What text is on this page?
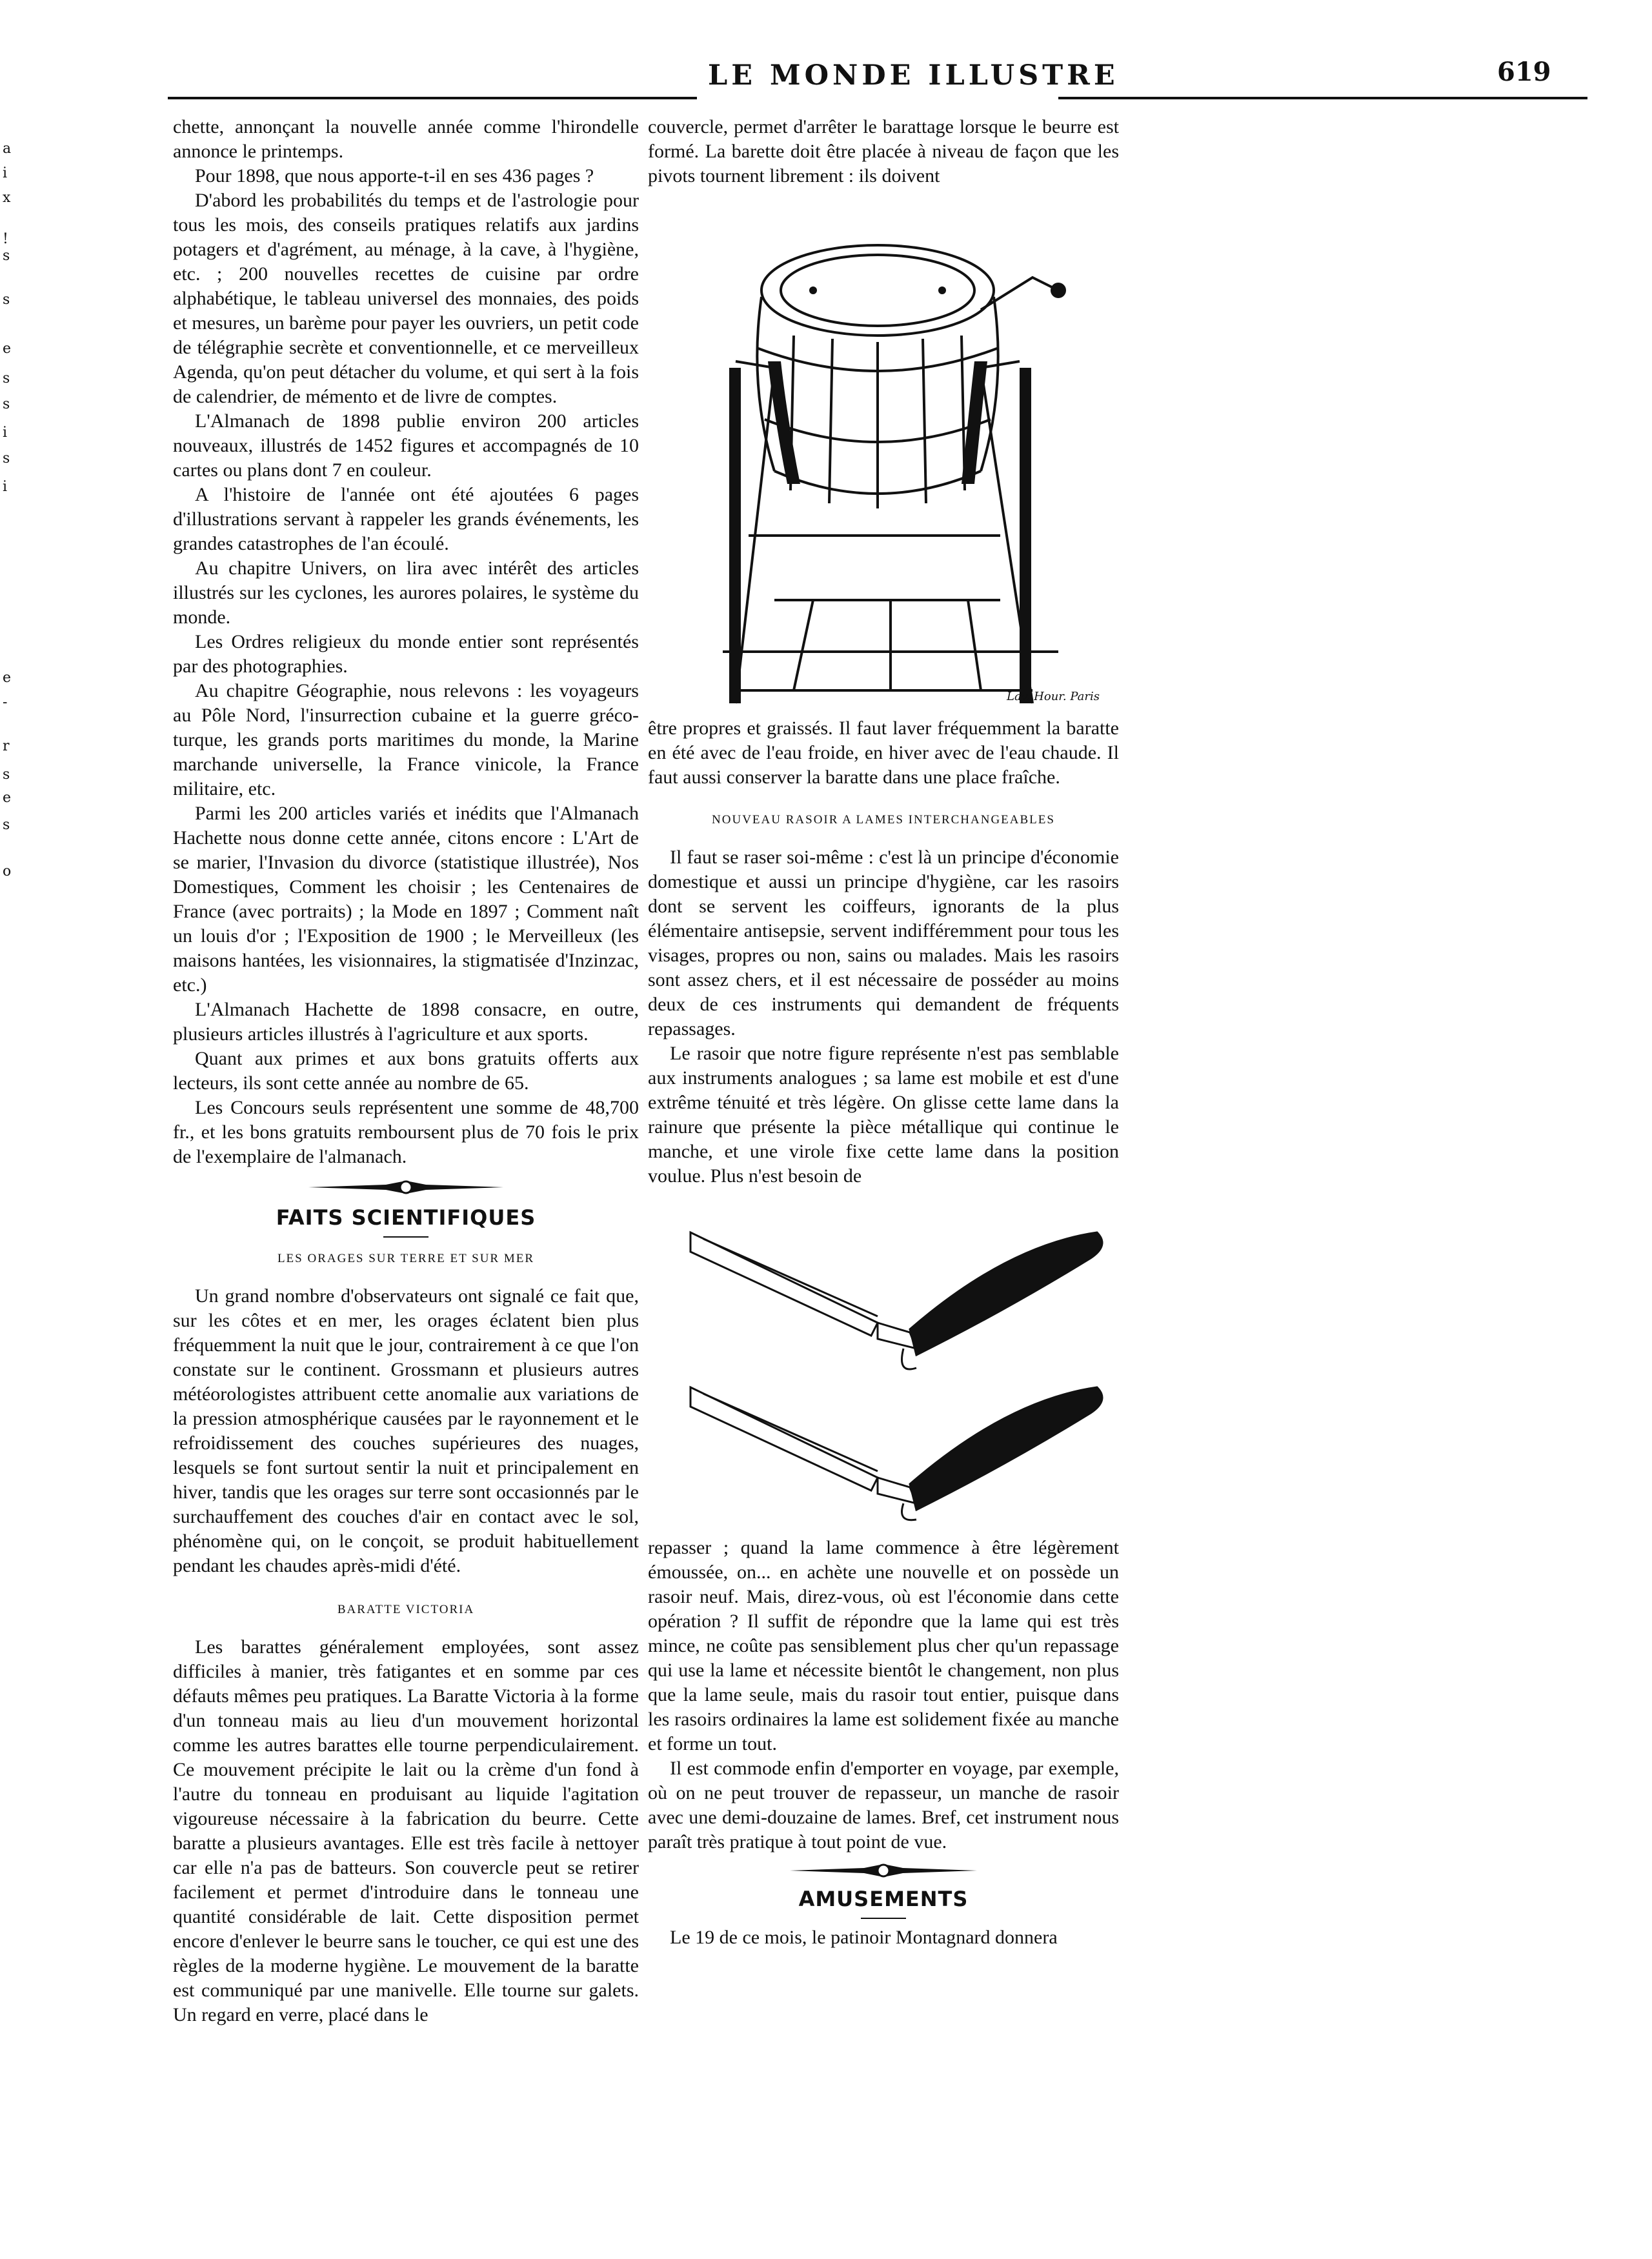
LE MONDE ILLUSTRE	619
a
i
x
!
s
s
e
s
s
i
s
i
e
-
r
s
e
s
o

chette, annonçant la nouvelle année comme l'hirondelle annonce le printemps.

Pour 1898, que nous apporte-t-il en ses 436 pages ?

D'abord les probabilités du temps et de l'astrologie pour tous les mois, des conseils pratiques relatifs aux jardins potagers et d'agrément, au ménage, à la cave, à l'hygiène, etc. ; 200 nouvelles recettes de cuisine par ordre alphabétique, le tableau universel des monnaies, des poids et mesures, un barème pour payer les ouvriers, un petit code de télégraphie secrète et conventionnelle, et ce merveilleux Agenda, qu'on peut détacher du volume, et qui sert à la fois de calendrier, de mémento et de livre de comptes.

L'Almanach de 1898 publie environ 200 articles nouveaux, illustrés de 1452 figures et accompagnés de 10 cartes ou plans dont 7 en couleur.

A l'histoire de l'année ont été ajoutées 6 pages d'illustrations servant à rappeler les grands événements, les grandes catastrophes de l'an écoulé.

Au chapitre Univers, on lira avec intérêt des articles illustrés sur les cyclones, les aurores polaires, le système du monde.

Les Ordres religieux du monde entier sont représentés par des photographies.

Au chapitre Géographie, nous relevons : les voyageurs au Pôle Nord, l'insurrection cubaine et la guerre gréco-turque, les grands ports maritimes du monde, la Marine marchande universelle, la France vinicole, la France militaire, etc.

Parmi les 200 articles variés et inédits que l'Almanach Hachette nous donne cette année, citons encore : L'Art de se marier, l'Invasion du divorce (statistique illustrée), Nos Domestiques, Comment les choisir ; les Centenaires de France (avec portraits) ; la Mode en 1897 ; Comment naît un louis d'or ; l'Exposition de 1900 ; le Merveilleux (les maisons hantées, les visionnaires, la stigmatisée d'Inzinzac, etc.)

L'Almanach Hachette de 1898 consacre, en outre, plusieurs articles illustrés à l'agriculture et aux sports.

Quant aux primes et aux bons gratuits offerts aux lecteurs, ils sont cette année au nombre de 65.

Les Concours seuls représentent une somme de 48,700 fr., et les bons gratuits remboursent plus de 70 fois le prix de l'exemplaire de l'almanach.

FAITS SCIENTIFIQUES
LES ORAGES SUR TERRE ET SUR MER

Un grand nombre d'observateurs ont signalé ce fait que, sur les côtes et en mer, les orages éclatent bien plus fréquemment la nuit que le jour, contrairement à ce que l'on constate sur le continent. Grossmann et plusieurs autres météorologistes attribuent cette anomalie aux variations de la pression atmosphérique causées par le rayonnement et le refroidissement des couches supérieures des nuages, lesquels se font surtout sentir la nuit et principalement en hiver, tandis que les orages sur terre sont occasionnés par le surchauffement des couches d'air en contact avec le sol, phénomène qui, on le conçoit, se produit habituellement pendant les chaudes après-midi d'été.

BARATTE VICTORIA

Les barattes généralement employées, sont assez difficiles à manier, très fatigantes et en somme par ces défauts mêmes peu pratiques. La Baratte Victoria à la forme d'un tonneau mais au lieu d'un mouvement horizontal comme les autres barattes elle tourne perpendiculairement. Ce mouvement précipite le lait ou la crème d'un fond à l'autre du tonneau en produisant au liquide l'agitation vigoureuse nécessaire à la fabrication du beurre. Cette baratte a plusieurs avantages. Elle est très facile à nettoyer car elle n'a pas de batteurs. Son couvercle peut se retirer facilement et permet d'introduire dans le tonneau une quantité considérable de lait. Cette disposition permet encore d'enlever le beurre sans le toucher, ce qui est une des règles de la moderne hygiène. Le mouvement de la baratte est communiqué par une manivelle. Elle tourne sur galets. Un regard en verre, placé dans le

couvercle, permet d'arrêter le barattage lorsque le beurre est formé. La barette doit être placée à niveau de façon que les pivots tournent librement : ils doivent

Lav. Hour. Paris

être propres et graissés. Il faut laver fréquemment la baratte en été avec de l'eau froide, en hiver avec de l'eau chaude. Il faut aussi conserver la baratte dans une place fraîche.

NOUVEAU RASOIR A LAMES INTERCHANGEABLES

Il faut se raser soi-même : c'est là un principe d'économie domestique et aussi un principe d'hygiène, car les rasoirs dont se servent les coiffeurs, ignorants de la plus élémentaire antisepsie, servent indifféremment pour tous les visages, propres ou non, sains ou malades. Mais les rasoirs sont assez chers, et il est nécessaire de posséder au moins deux de ces instruments qui demandent de fréquents repassages.

Le rasoir que notre figure représente n'est pas semblable aux instruments analogues ; sa lame est mobile et est d'une extrême ténuité et très légère. On glisse cette lame dans la rainure que présente la pièce métallique qui continue le manche, et une virole fixe cette lame dans la position voulue. Plus n'est besoin de

repasser ; quand la lame commence à être légèrement émoussée, on... en achète une nouvelle et on possède un rasoir neuf. Mais, direz-vous, où est l'économie dans cette opération ? Il suffit de répondre que la lame qui est très mince, ne coûte pas sensiblement plus cher qu'un repassage qui use la lame et nécessite bientôt le changement, non plus que la lame seule, mais du rasoir tout entier, puisque dans les rasoirs ordinaires la lame est solidement fixée au manche et forme un tout.

Il est commode enfin d'emporter en voyage, par exemple, où on ne peut trouver de repasseur, un manche de rasoir avec une demi-douzaine de lames. Bref, cet instrument nous paraît très pratique à tout point de vue.

AMUSEMENTS

Le 19 de ce mois, le patinoir Montagnard donnera
